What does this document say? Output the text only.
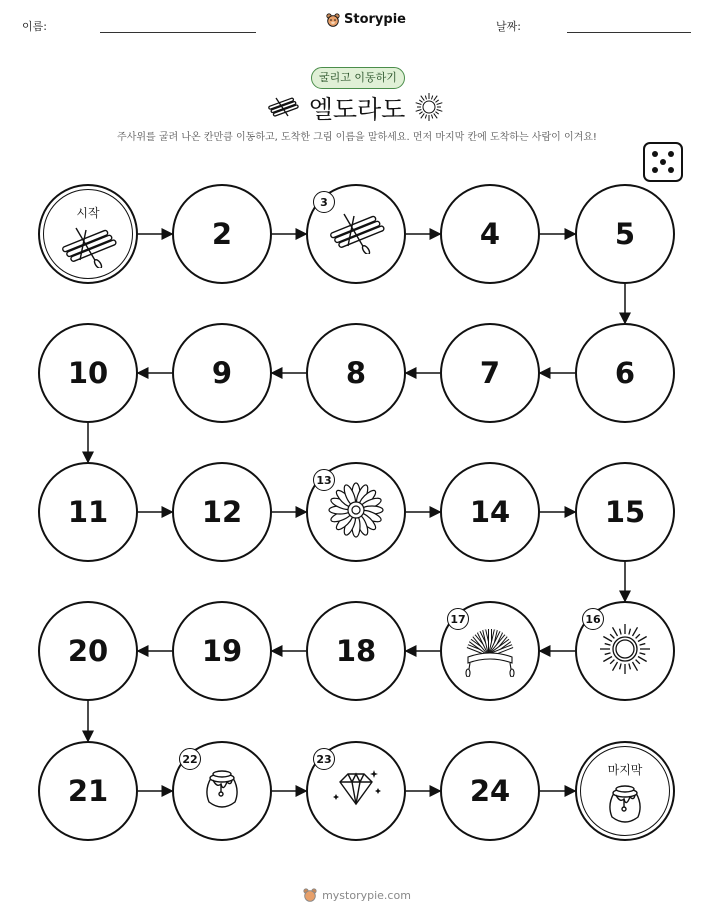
이름:	Storypie	날짜:
굴리고 이동하기
엘도라도
주사위를 굴려 나온 칸만큼 이동하고, 도착한 그림 이름을 말하세요. 먼저 마지막 칸에 도착하는 사람이 이겨요!
시작
2
3
4	5
6
7
8
9
10
11	12
13
14	15
16
17
18
19
20
21
22	23
24
마지막
mystorypie.com
